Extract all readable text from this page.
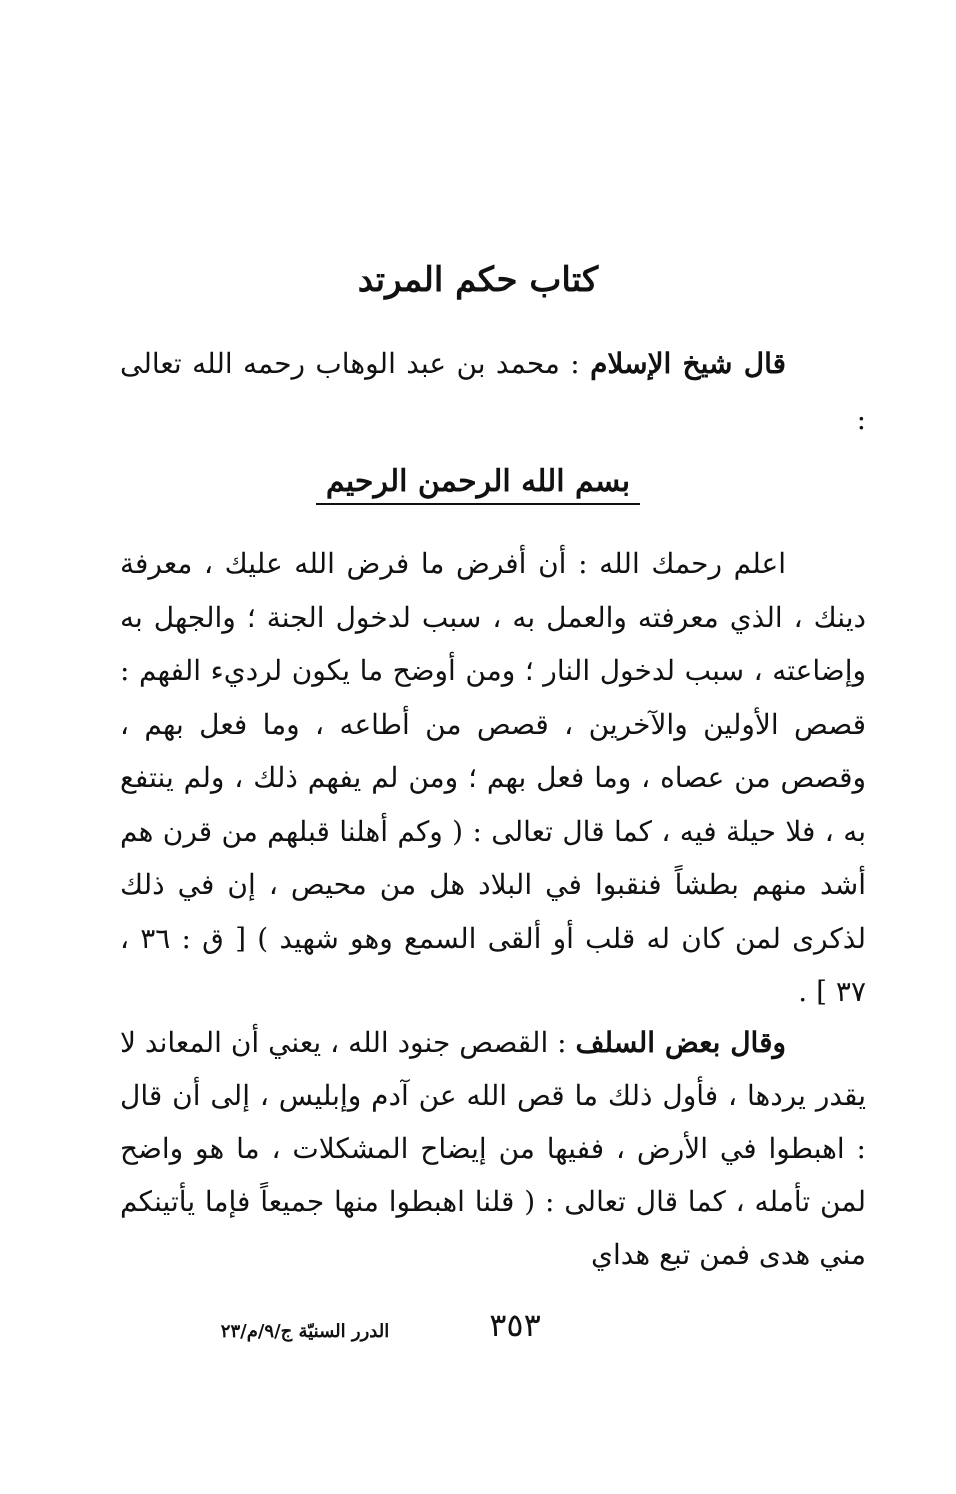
كتاب حكم المرتد
قال شيخ الإسلام : محمد بن عبد الوهاب رحمه الله تعالى :
بسم الله الرحمن الرحيم
اعلم رحمك الله : أن أفرض ما فرض الله عليك ، معرفة دينك ، الذي معرفته والعمل به ، سبب لدخول الجنة ؛ والجهل به وإضاعته ، سبب لدخول النار ؛ ومن أوضح ما يكون لرديء الفهم : قصص الأولين والآخرين ، قصص من أطاعه ، وما فعل بهم ، وقصص من عصاه ، وما فعل بهم ؛ ومن لم يفهم ذلك ، ولم ينتفع به ، فلا حيلة فيه ، كما قال تعالى : ( وكم أهلنا قبلهم من قرن هم أشد منهم بطشاً فنقبوا في البلاد هل من محيص ، إن في ذلك لذكرى لمن كان له قلب أو ألقى السمع وهو شهيد ) [ ق : ٣٦ ، ٣٧ ] .
وقال بعض السلف : القصص جنود الله ، يعني أن المعاند لا يقدر يردها ، فأول ذلك ما قص الله عن آدم وإبليس ، إلى أن قال : اهبطوا في الأرض ، ففيها من إيضاح المشكلات ، ما هو واضح لمن تأمله ، كما قال تعالى : ( قلنا اهبطوا منها جميعاً فإما يأتينكم مني هدى فمن تبع هداي
٣٥٣
الدرر السنيّة ج/٩/م/٢٣
